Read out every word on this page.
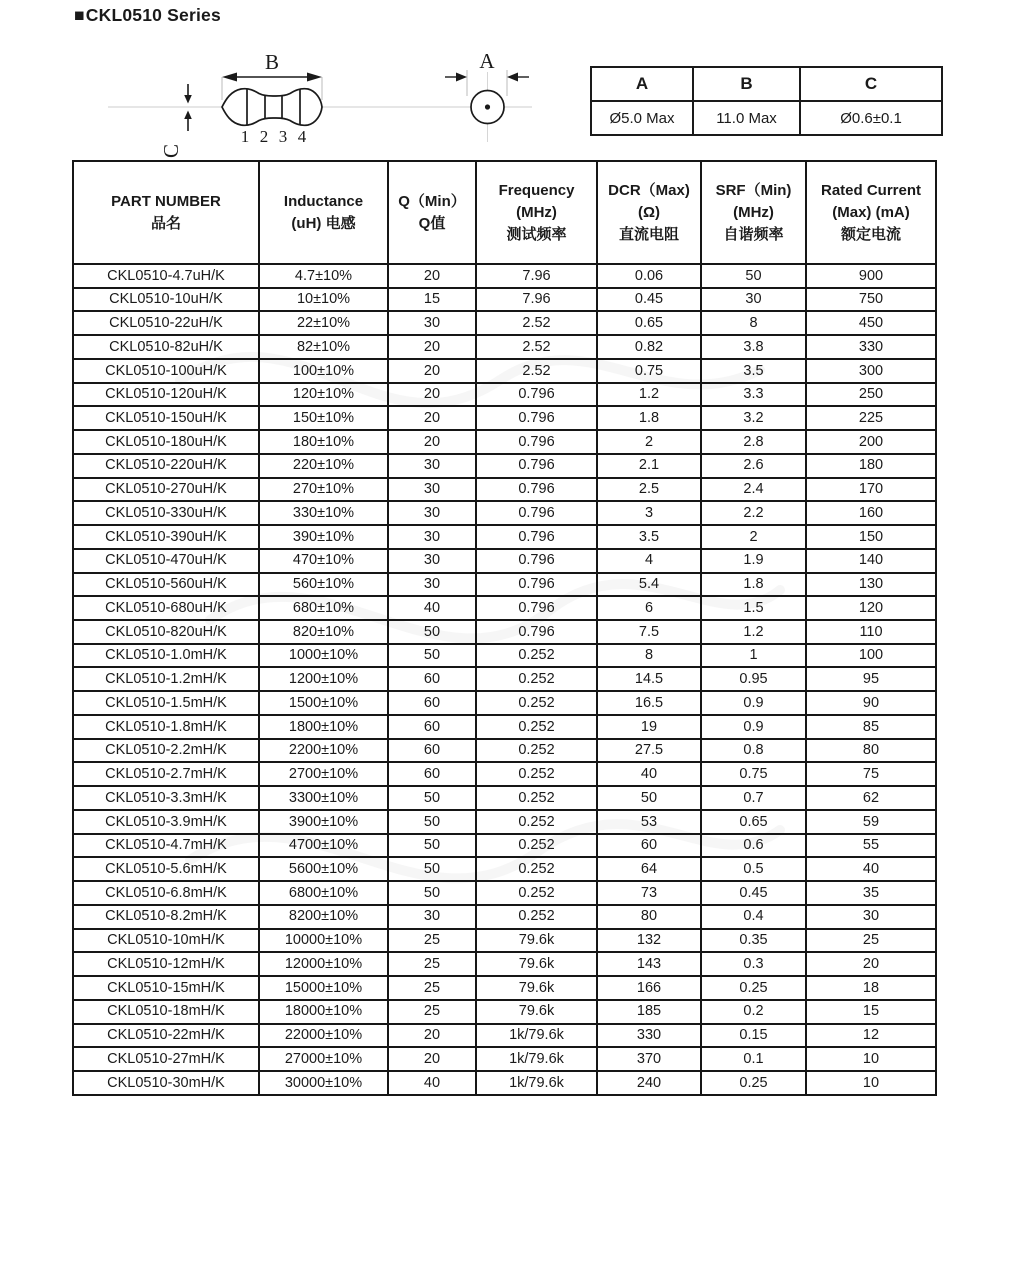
■CKL0510 Series
B
C
1 2 3 4
A
A	B	C
Ø5.0 Max	11.0 Max	Ø0.6±0.1
PART NUMBER
品名

Inductance
(uH) 电感

Q（Min）
Q值

Frequency
(MHz)
测试频率

DCR（Max)
(Ω)
直流电阻

SRF（Min)
(MHz)
自谐频率

Rated Current
(Max) (mA)
额定电流

CKL0510-4.7uH/K	4.7±10%	20	7.96	0.06	50	900
CKL0510-10uH/K	10±10%	15	7.96	0.45	30	750
CKL0510-22uH/K	22±10%	30	2.52	0.65	8	450
CKL0510-82uH/K	82±10%	20	2.52	0.82	3.8	330
CKL0510-100uH/K	100±10%	20	2.52	0.75	3.5	300
CKL0510-120uH/K	120±10%	20	0.796	1.2	3.3	250
CKL0510-150uH/K	150±10%	20	0.796	1.8	3.2	225
CKL0510-180uH/K	180±10%	20	0.796	2	2.8	200
CKL0510-220uH/K	220±10%	30	0.796	2.1	2.6	180
CKL0510-270uH/K	270±10%	30	0.796	2.5	2.4	170
CKL0510-330uH/K	330±10%	30	0.796	3	2.2	160
CKL0510-390uH/K	390±10%	30	0.796	3.5	2	150
CKL0510-470uH/K	470±10%	30	0.796	4	1.9	140
CKL0510-560uH/K	560±10%	30	0.796	5.4	1.8	130
CKL0510-680uH/K	680±10%	40	0.796	6	1.5	120
CKL0510-820uH/K	820±10%	50	0.796	7.5	1.2	110
CKL0510-1.0mH/K	1000±10%	50	0.252	8	1	100
CKL0510-1.2mH/K	1200±10%	60	0.252	14.5	0.95	95
CKL0510-1.5mH/K	1500±10%	60	0.252	16.5	0.9	90
CKL0510-1.8mH/K	1800±10%	60	0.252	19	0.9	85
CKL0510-2.2mH/K	2200±10%	60	0.252	27.5	0.8	80
CKL0510-2.7mH/K	2700±10%	60	0.252	40	0.75	75
CKL0510-3.3mH/K	3300±10%	50	0.252	50	0.7	62
CKL0510-3.9mH/K	3900±10%	50	0.252	53	0.65	59
CKL0510-4.7mH/K	4700±10%	50	0.252	60	0.6	55
CKL0510-5.6mH/K	5600±10%	50	0.252	64	0.5	40
CKL0510-6.8mH/K	6800±10%	50	0.252	73	0.45	35
CKL0510-8.2mH/K	8200±10%	30	0.252	80	0.4	30
CKL0510-10mH/K	10000±10%	25	79.6k	132	0.35	25
CKL0510-12mH/K	12000±10%	25	79.6k	143	0.3	20
CKL0510-15mH/K	15000±10%	25	79.6k	166	0.25	18
CKL0510-18mH/K	18000±10%	25	79.6k	185	0.2	15
CKL0510-22mH/K	22000±10%	20	1k/79.6k	330	0.15	12
CKL0510-27mH/K	27000±10%	20	1k/79.6k	370	0.1	10
CKL0510-30mH/K	30000±10%	40	1k/79.6k	240	0.25	10
